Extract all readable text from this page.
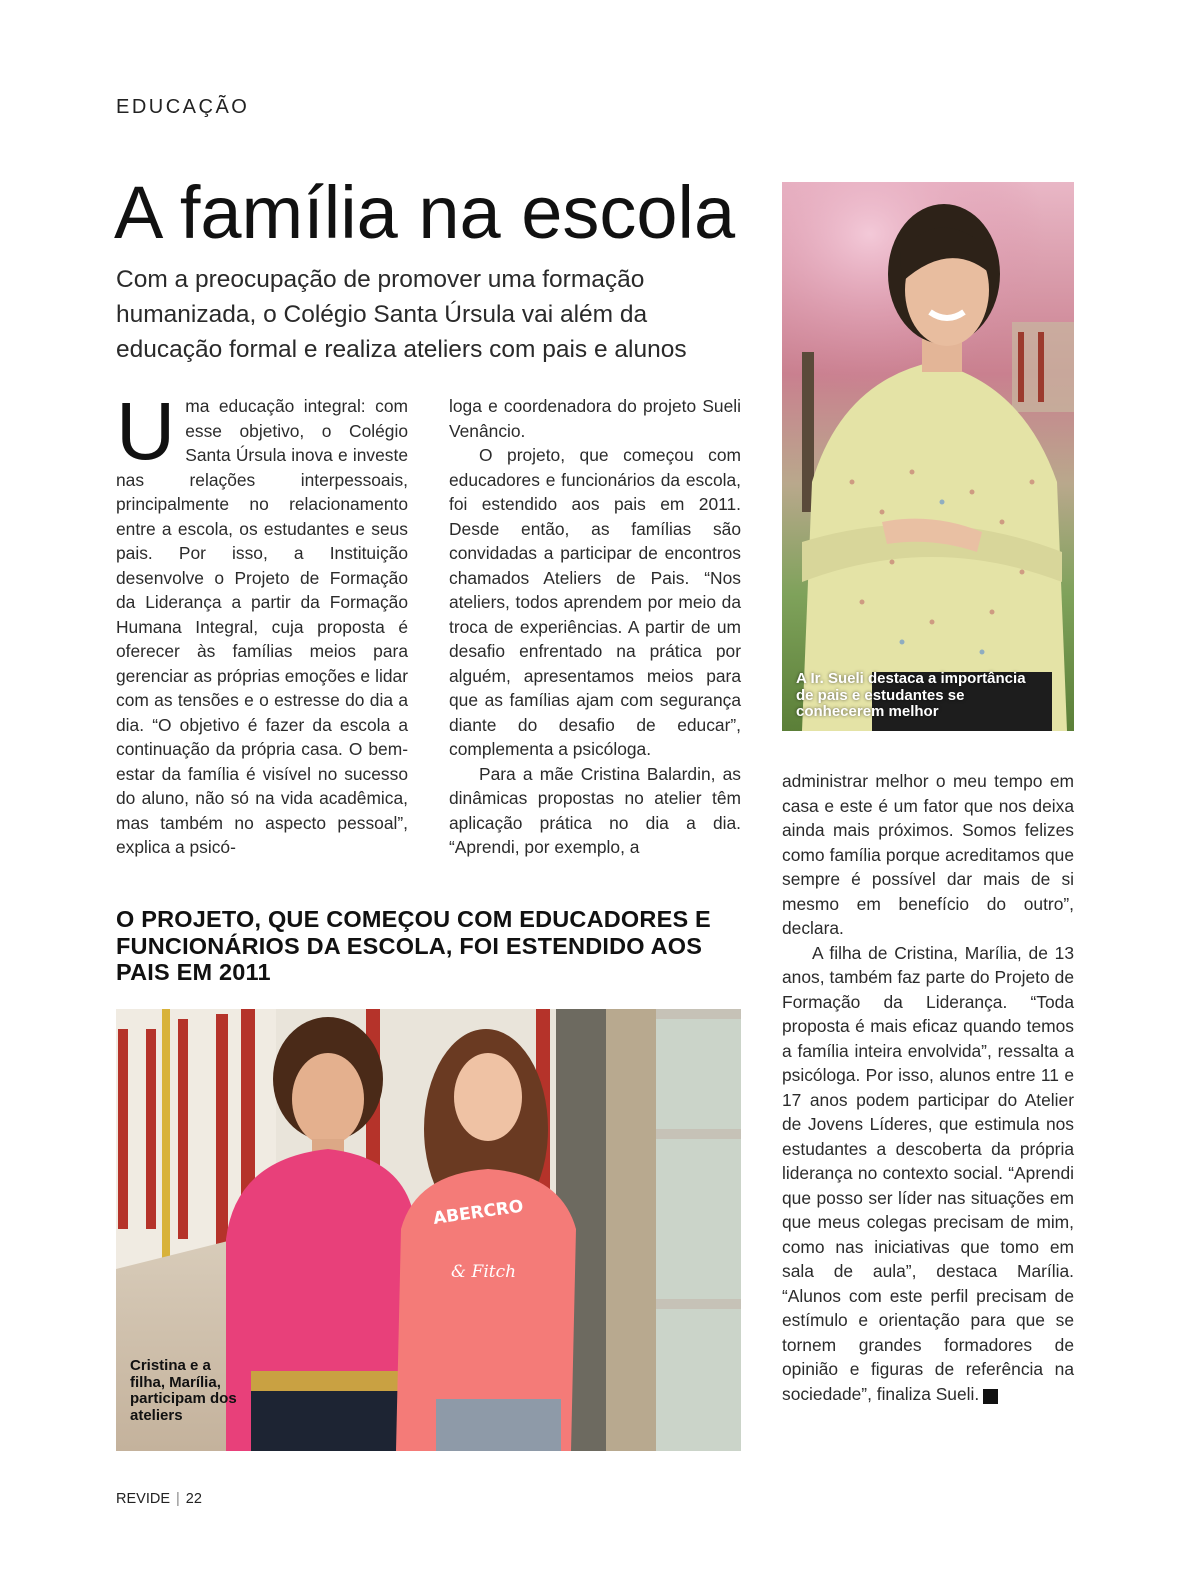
EDUCAÇÃO
A família na escola
Com a preocupação de promover uma formação humanizada, o Colégio Santa Úrsula vai além da educação formal e realiza ateliers com pais e alunos

Uma educação integral: com esse objetivo, o Colégio Santa Úrsula inova e investe nas relações interpessoais, principalmente no relacionamento entre a escola, os estudantes e seus pais. Por isso, a Instituição desenvolve o Projeto de Formação da Liderança a partir da Formação Humana Integral, cuja proposta é oferecer às famílias meios para gerenciar as próprias emoções e lidar com as tensões e o estresse do dia a dia. “O objetivo é fazer da escola a continuação da própria casa. O bem-estar da família é visível no sucesso do aluno, não só na vida acadêmica, mas também no aspecto pessoal”, explica a psicó-

loga e coordenadora do projeto Sueli Venâncio.

O projeto, que começou com educadores e funcionários da escola, foi estendido aos pais em 2011. Desde então, as famílias são convidadas a participar de encontros chamados Ateliers de Pais. “Nos ateliers, todos aprendem por meio da troca de experiências. A partir de um desafio enfrentado na prática por alguém, apresentamos meios para que as famílias ajam com segurança diante do desafio de educar”, complementa a psicóloga.

Para a mãe Cristina Balardin, as dinâmicas propostas no atelier têm aplicação prática no dia a dia. “Aprendi, por exemplo, a

administrar melhor o meu tempo em casa e este é um fator que nos deixa ainda mais próximos. Somos felizes como família porque acreditamos que sempre é possível dar mais de si mesmo em benefício do outro”, declara.

A filha de Cristina, Marília, de 13 anos, também faz parte do Projeto de Formação da Liderança. “Toda proposta é mais eficaz quando temos a família inteira envolvida”, ressalta a psicóloga. Por isso, alunos entre 11 e 17 anos podem participar do Atelier de Jovens Líderes, que estimula nos estudantes a descoberta da própria liderança no contexto social. “Aprendi que posso ser líder nas situações em que meus colegas precisam de mim, como nas iniciativas que tomo em sala de aula”, destaca Marília. “Alunos com este perfil precisam de estímulo e orientação para que se tornem grandes formadores de opinião e figuras de referência na sociedade”, finaliza Sueli.	r

O PROJETO, QUE COMEÇOU COM EDUCADORES E FUNCIONÁRIOS DA ESCOLA, FOI ESTENDIDO AOS PAIS EM 2011
A Ir. Sueli destaca a importância de pais e estudantes se conhecerem melhor
ABERCRO
& Fitch
Cristina e a filha, Marília, participam dos ateliers
REVIDE | 22
